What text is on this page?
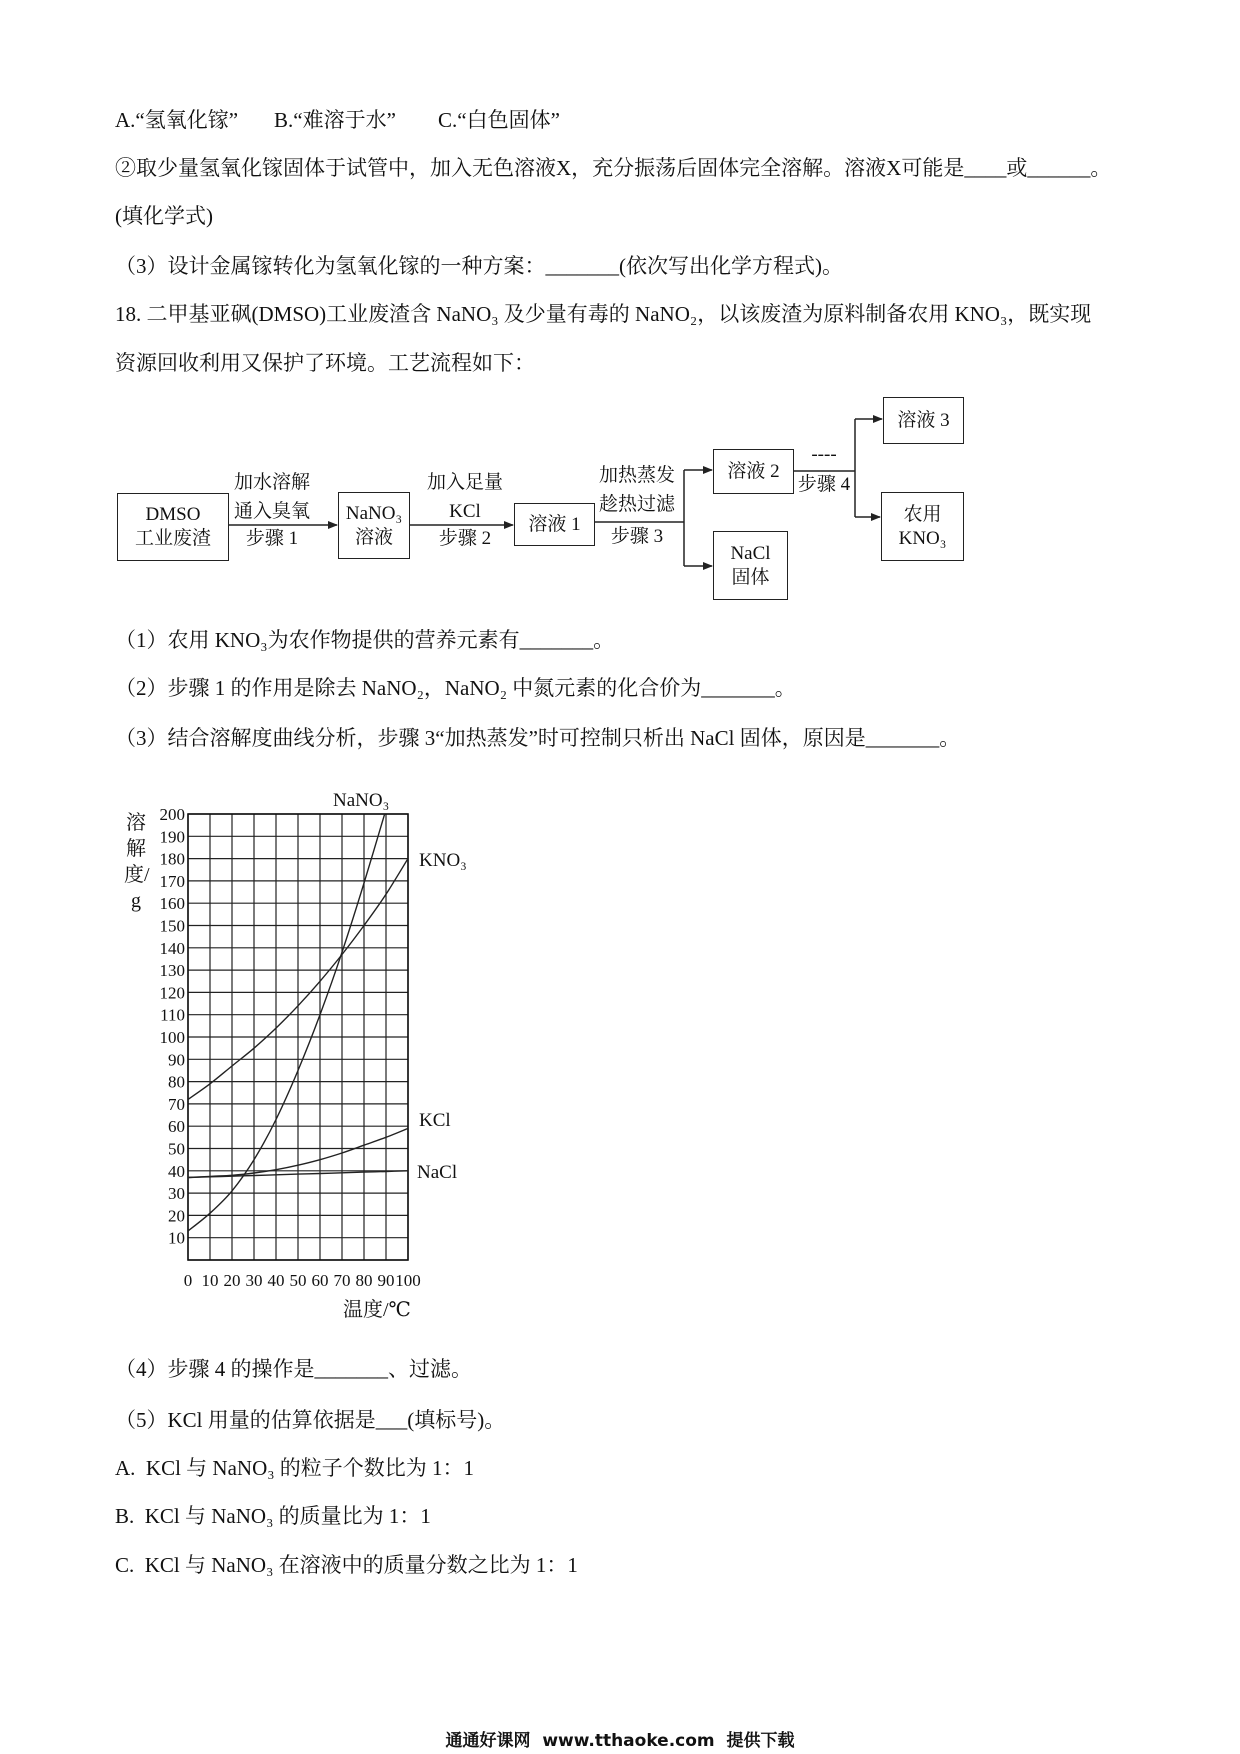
A.“氢氧化镓” B.“难溶于水” C.“白色固体”
②取少量氢氧化镓固体于试管中，加入无色溶液X，充分振荡后固体完全溶解。溶液X可能是____或______。
(填化学式)
（3）设计金属镓转化为氢氧化镓的一种方案：_______(依次写出化学方程式)。
18. 二甲基亚砜(DMSO)工业废渣含 NaNO₃ 及少量有毒的 NaNO₂，以该废渣为原料制备农用 KNO₃，既实现
资源回收利用又保护了环境。工艺流程如下：
DMSO
工业废渣
NaNO₃
溶液
溶液 1
溶液 2
NaCl
固体
溶液 3
农用
KNO₃
加水溶解
通入臭氧
步骤 1
加入足量
KCl
步骤 2
加热蒸发
趁热过滤
步骤 3
----
步骤 4
（1）农用 KNO₃为农作物提供的营养元素有_______。
（2）步骤 1 的作用是除去 NaNO₂，NaNO₂ 中氮元素的化合价为_______。
（3）结合溶解度曲线分析，步骤 3“加热蒸发”时可控制只析出 NaCl 固体，原因是_______。
0 10 20 30 40 50 60 70 80 90 100
10
20
30
40
50
60
70
80
90
100
110
120
130
140
150
160
170
180
190
200
溶解度/g
温度/℃
NaNO₃
KNO₃
KCl
NaCl
（4）步骤 4 的操作是_______、过滤。
（5）KCl 用量的估算依据是___(填标号)。
A.  KCl 与 NaNO₃ 的粒子个数比为 1：1
B.  KCl 与 NaNO₃ 的质量比为 1：1
C.  KCl 与 NaNO₃ 在溶液中的质量分数之比为 1：1
通通好课网  www.tthaoke.com  提供下载
